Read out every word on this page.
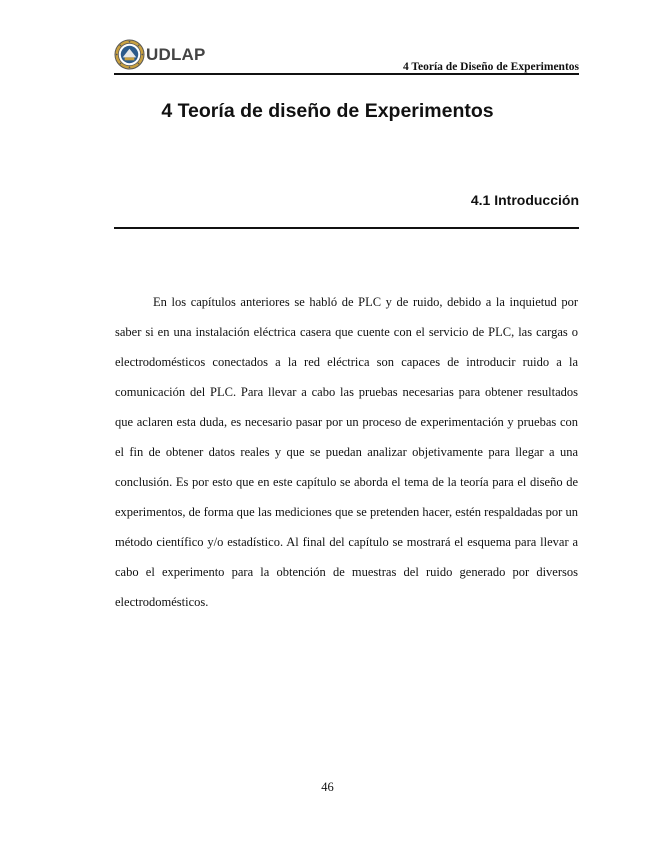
UDLAP
4 Teoría de Diseño de Experimentos
4 Teoría de diseño de Experimentos
4.1 Introducción

En los capítulos anteriores se habló de PLC y de ruido, debido a la inquietud por saber si en una instalación eléctrica casera que cuente con el servicio de PLC, las cargas o electrodomésticos conectados a la red eléctrica son capaces de introducir ruido a la comunicación del PLC. Para llevar a cabo las pruebas necesarias para obtener resultados que aclaren esta duda, es necesario pasar por un proceso de experimentación y pruebas con el fin de obtener datos reales y que se puedan analizar objetivamente para llegar a una conclusión. Es por esto que en este capítulo se aborda el tema de la teoría para el diseño de experimentos, de forma que las mediciones que se pretenden hacer, estén respaldadas por un método científico y/o estadístico. Al final del capítulo se mostrará el esquema para llevar a cabo el experimento para la obtención de muestras del ruido generado por diversos electrodomésticos.

46
